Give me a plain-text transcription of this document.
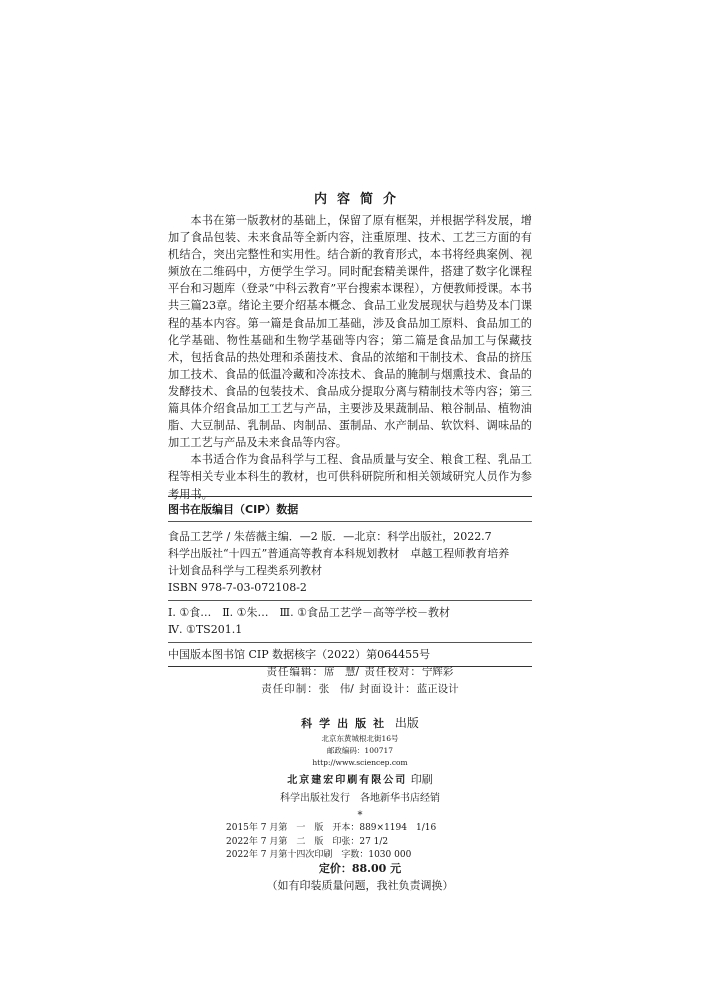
内容简介

本书在第一版教材的基础上，保留了原有框架，并根据学科发展，增加了食品包装、未来食品等全新内容，注重原理、技术、工艺三方面的有机结合，突出完整性和实用性。结合新的教育形式，本书将经典案例、视频放在二维码中，方便学生学习。同时配套精美课件，搭建了数字化课程平台和习题库（登录“中科云教育”平台搜索本课程），方便教师授课。本书共三篇23章。绪论主要介绍基本概念、食品工业发展现状与趋势及本门课程的基本内容。第一篇是食品加工基础，涉及食品加工原料、食品加工的化学基础、物性基础和生物学基础等内容；第二篇是食品加工与保藏技术，包括食品的热处理和杀菌技术、食品的浓缩和干制技术、食品的挤压加工技术、食品的低温冷藏和冷冻技术、食品的腌制与烟熏技术、食品的发酵技术、食品的包装技术、食品成分提取分离与精制技术等内容；第三篇具体介绍食品加工工艺与产品，主要涉及果蔬制品、粮谷制品、植物油脂、大豆制品、乳制品、肉制品、蛋制品、水产制品、软饮料、调味品的加工工艺与产品及未来食品等内容。

本书适合作为食品科学与工程、食品质量与安全、粮食工程、乳品工程等相关专业本科生的教材，也可供科研院所和相关领域研究人员作为参考用书。

图书在版编目（CIP）数据
食品工艺学 / 朱蓓薇主编．—2 版．—北京：科学出版社，2022.7
科学出版社“十四五”普通高等教育本科规划教材　卓越工程师教育培养
计划食品科学与工程类系列教材
ISBN 978-7-03-072108-2
Ⅰ. ①食…　Ⅱ. ①朱…　Ⅲ. ①食品工艺学－高等学校－教材
Ⅳ. ①TS201.1
中国版本图书馆 CIP 数据核字（2022）第064455号
责任编辑：席　慧/ 责任校对：宁辉彩
责任印制：张　伟/ 封面设计：蓝正设计
科学出版社 出版
北京东黄城根北街16号
邮政编码：100717
http://www.sciencep.com
北京建宏印刷有限公司 印刷
科学出版社发行　各地新华书店经销
*
2015年 7 月第　一　版　开本：889×1194　1/16
2022年 7 月第　二　版　印张：27 1/2
2022年 7 月第十四次印刷　字数：1030 000
定价：88.00 元
（如有印装质量问题，我社负责调换）
